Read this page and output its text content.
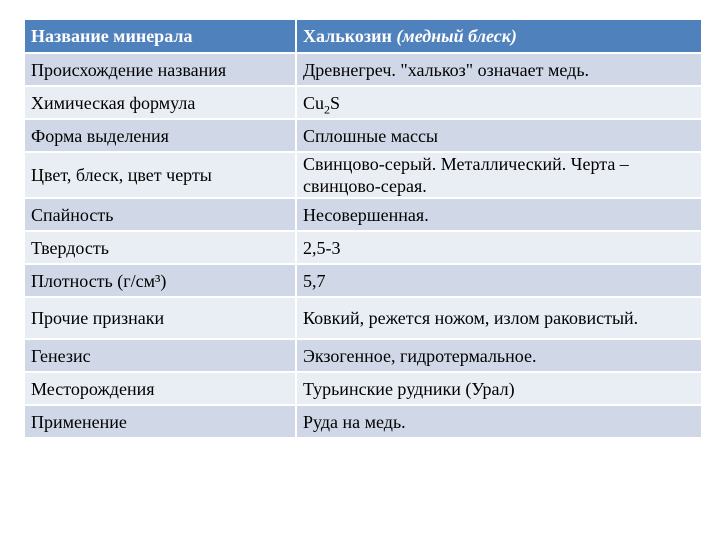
Название минерала	Халькозин (медный блеск)
Происхождение названия	Древнегреч. "халькоз" означает медь.
Химическая формула	$Cu_2S$
Форма выделения	Сплошные массы
Цвет, блеск, цвет черты	Свинцово-серый. Металлический. Черта – свинцово-серая.
Спайность	Несовершенная.
Твердость	2,5-3
Плотность (г/см³)	5,7
Прочие признаки	Ковкий, режется ножом, излом раковистый.
Генезис	Экзогенное, гидротермальное.
Месторождения	Турьинские рудники (Урал)
Применение	Руда на медь.
